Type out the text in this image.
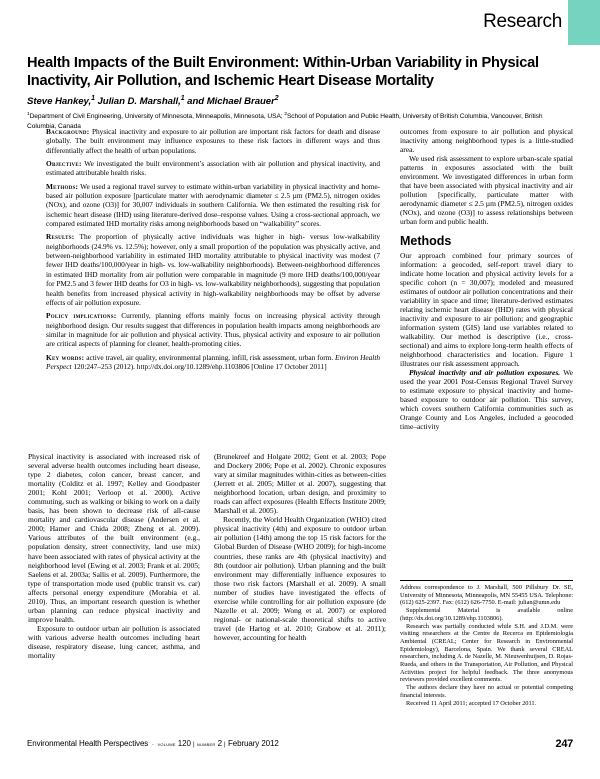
Research
Health Impacts of the Built Environment: Within-Urban Variability in Physical Inactivity, Air Pollution, and Ischemic Heart Disease Mortality
Steve Hankey,$^1$ Julian D. Marshall,$^1$ and Michael Brauer$^2$
$^1$Department of Civil Engineering, University of Minnesota, Minneapolis, Minnesota, USA; $^2$School of Population and Public Health, University of British Columbia, Vancouver, British Columbia, Canada

Background: Physical inactivity and exposure to air pollution are important risk factors for death and disease globally. The built environment may influence exposures to these risk factors in different ways and thus differentially affect the health of urban populations.

Objective: We investigated the built environment’s association with air pollution and physical inactivity, and estimated attributable health risks.

Methods: We used a regional travel survey to estimate within-urban variability in physical inactivity and home-based air pollution exposure [particulate matter with aerodynamic diameter ≤ 2.5 µm (PM2.5), nitrogen oxides (NOx), and ozone (O3)] for 30,007 individuals in southern California. We then estimated the resulting risk for ischemic heart disease (IHD) using literature-derived dose–response values. Using a cross-sectional approach, we compared estimated IHD mortality risks among neighborhoods based on “walkability” scores.

Results: The proportion of physically active individuals was higher in high- versus low-walkability neighborhoods (24.9% vs. 12.5%); however, only a small proportion of the population was physically active, and between-neighborhood variability in estimated IHD mortality attributable to physical inactivity was modest (7 fewer IHD deaths/100,000/year in high- vs. low-walkability neighborhoods). Between-neighborhood differences in estimated IHD mortality from air pollution were comparable in magnitude (9 more IHD deaths/100,000/year for PM2.5 and 3 fewer IHD deaths for O3 in high- vs. low-walkability neighborhoods), suggesting that population health benefits from increased physical activity in high-walkability neighborhoods may be offset by adverse effects of air pollution exposure.

Policy implications: Currently, planning efforts mainly focus on increasing physical activity through neighborhood design. Our results suggest that differences in population health impacts among neighborhoods are similar in magnitude for air pollution and physical activity. Thus, physical activity and exposure to air pollution are critical aspects of planning for cleaner, health-promoting cities.

Key words: active travel, air quality, environmental planning, infill, risk assessment, urban form. Environ Health Perspect 120:247–253 (2012). http://dx.doi.org/10.1289/ehp.1103806 [Online 17 October 2011]

Physical inactivity is associated with increased risk of several adverse health outcomes including heart disease, type 2 diabetes, colon cancer, breast cancer, and mortality (Colditz et al. 1997; Kelley and Goodpaster 2001; Kohl 2001; Verloop et al. 2000). Active commuting, such as walking or biking to work on a daily basis, has been shown to decrease risk of all-cause mortality and cardiovascular disease (Andersen et al. 2000; Hamer and Chida 2008; Zheng et al. 2009). Various attributes of the built environment (e.g., population density, street connectivity, land use mix) have been associated with rates of physical activity at the neighborhood level (Ewing et al. 2003; Frank et al. 2005; Saelens et al. 2003a; Sallis et al. 2009). Furthermore, the type of transportation mode used (public transit vs. car) affects personal energy expenditure (Morabia et al. 2010). Thus, an important research question is whether urban planning can reduce physical inactivity and improve health.

Exposure to outdoor urban air pollution is associated with various adverse health outcomes including heart disease, respiratory disease, lung cancer, asthma, and mortality

(Brunekreef and Holgate 2002; Gent et al. 2003; Pope and Dockery 2006; Pope et al. 2002). Chronic exposures vary at similar magnitudes within-cities as between-cities (Jerrett et al. 2005; Miller et al. 2007), suggesting that neighborhood location, urban design, and proximity to roads can affect exposures (Health Effects Institute 2009; Marshall et al. 2005).

Recently, the World Health Organization (WHO) cited physical inactivity (4th) and exposure to outdoor urban air pollution (14th) among the top 15 risk factors for the Global Burden of Disease (WHO 2009); for high-income countries, these ranks are 4th (physical inactivity) and 8th (outdoor air pollution). Urban planning and the built environment may differentially influence exposures to those two risk factors (Marshall et al. 2009). A small number of studies have investigated the effects of exercise while controlling for air pollution exposure (de Nazelle et al. 2009; Wong et al. 2007) or explored regional- or national-scale theoretical shifts to active travel (de Hartog et al. 2010; Grabow et al. 2011); however, accounting for health

outcomes from exposure to air pollution and physical inactivity among neighborhood types is a little-studied area.

We used risk assessment to explore urban-scale spatial patterns in exposures associated with the built environment. We investigated differences in urban form that have been associated with physical inactivity and air pollution [specifically, particulate matter with aerodynamic diameter ≤ 2.5 µm (PM2.5), nitrogen oxides (NOx), and ozone (O3)] to assess relationships between urban form and public health.

Methods

Our approach combined four primary sources of information: a geocoded, self-report travel diary to indicate home location and physical activity levels for a specific cohort (n = 30,007); modeled and measured estimates of outdoor air pollution concentrations and their variability in space and time; literature-derived estimates relating ischemic heart disease (IHD) rates with physical inactivity and exposure to air pollution; and geographic information system (GIS) land use variables related to walkability. Our method is descriptive (i.e., cross-sectional) and aims to explore long-term health effects of neighborhood characteristics and location. Figure 1 illustrates our risk assessment approach.

Physical inactivity and air pollution exposures. We used the year 2001 Post-Census Regional Travel Survey to estimate exposure to physical inactivity and home-based exposure to outdoor air pollution. This survey, which covers southern California communities such as Orange County and Los Angeles, included a geocoded time–activity

Address correspondence to J. Marshall, 500 Pillsbury Dr. SE, University of Minnesota, Minneapolis, MN 55455 USA. Telephone: (612) 625-2397. Fax: (612) 626-7750. E-mail: julian@umn.edu

Supplemental Material is available online (http://dx.doi.org/10.1289/ehp.1103806).

Research was partially conducted while S.H. and J.D.M. were visiting researchers at the Centre de Recerca en Epidemiologia Ambiental (CREAL; Center for Research in Environmental Epidemiology), Barcelona, Spain. We thank several CREAL researchers, including A. de Nazelle, M. Nieuwenhuijsen, D. Rojas-Rueda, and others in the Transportation, Air Pollution, and Physical Activities project for helpful feedback. The three anonymous reviewers provided excellent comments.

The authors declare they have no actual or potential competing financial interests.

Received 11 April 2011; accepted 17 October 2011.

Environmental Health Perspectives · volume 120 | number 2 | February 2012	247
